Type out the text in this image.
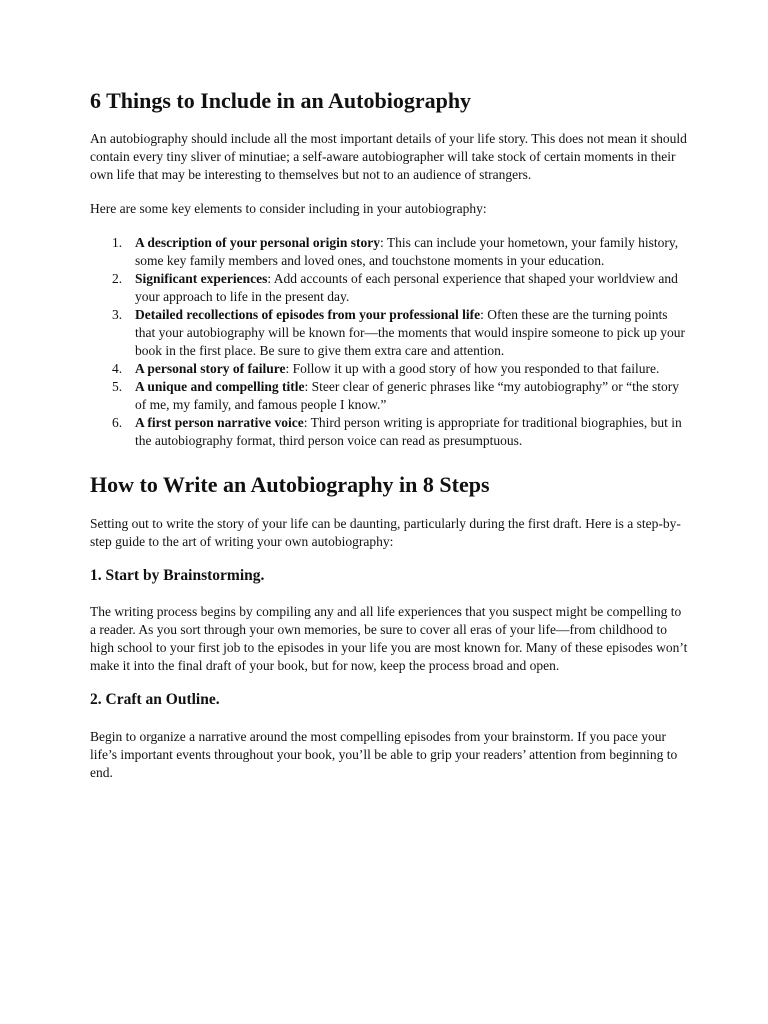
6 Things to Include in an Autobiography

An autobiography should include all the most important details of your life story. This does not mean it should contain every tiny sliver of minutiae; a self-aware autobiographer will take stock of certain moments in their own life that may be interesting to themselves but not to an audience of strangers.

Here are some key elements to consider including in your autobiography:

1. A description of your personal origin story: This can include your hometown, your family history, some key family members and loved ones, and touchstone moments in your education.
2. Significant experiences: Add accounts of each personal experience that shaped your worldview and your approach to life in the present day.
3. Detailed recollections of episodes from your professional life: Often these are the turning points that your autobiography will be known for—the moments that would inspire someone to pick up your book in the first place. Be sure to give them extra care and attention.
4. A personal story of failure: Follow it up with a good story of how you responded to that failure.
5. A unique and compelling title: Steer clear of generic phrases like “my autobiography” or “the story of me, my family, and famous people I know.”
6. A first person narrative voice: Third person writing is appropriate for traditional biographies, but in the autobiography format, third person voice can read as presumptuous.
How to Write an Autobiography in 8 Steps

Setting out to write the story of your life can be daunting, particularly during the first draft. Here is a step-by-step guide to the art of writing your own autobiography:

1. Start by Brainstorming.

The writing process begins by compiling any and all life experiences that you suspect might be compelling to a reader. As you sort through your own memories, be sure to cover all eras of your life—from childhood to high school to your first job to the episodes in your life you are most known for. Many of these episodes won’t make it into the final draft of your book, but for now, keep the process broad and open.

2. Craft an Outline.

Begin to organize a narrative around the most compelling episodes from your brainstorm. If you pace your life’s important events throughout your book, you’ll be able to grip your readers’ attention from beginning to end.
